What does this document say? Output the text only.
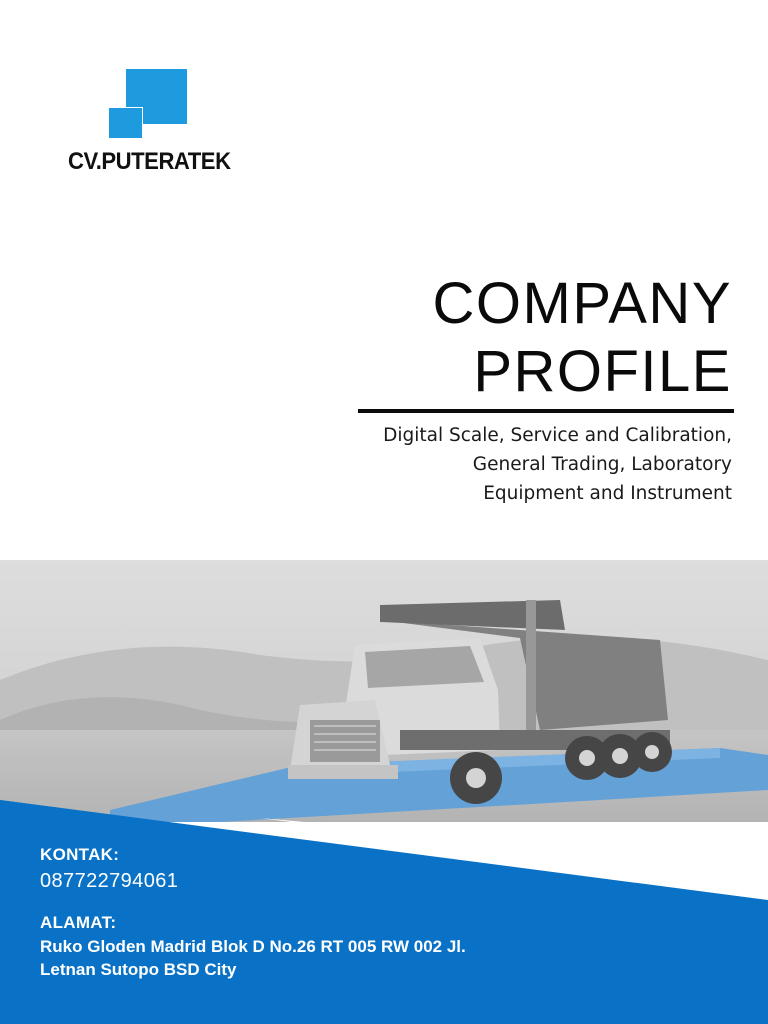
CV.PUTERATEK
COMPANY
PROFILE
Digital Scale, Service and Calibration, General Trading, Laboratory Equipment and Instrument
KONTAK:
087722794061
ALAMAT:
Ruko Gloden Madrid Blok D No.26 RT 005 RW 002 Jl. Letnan Sutopo BSD City
